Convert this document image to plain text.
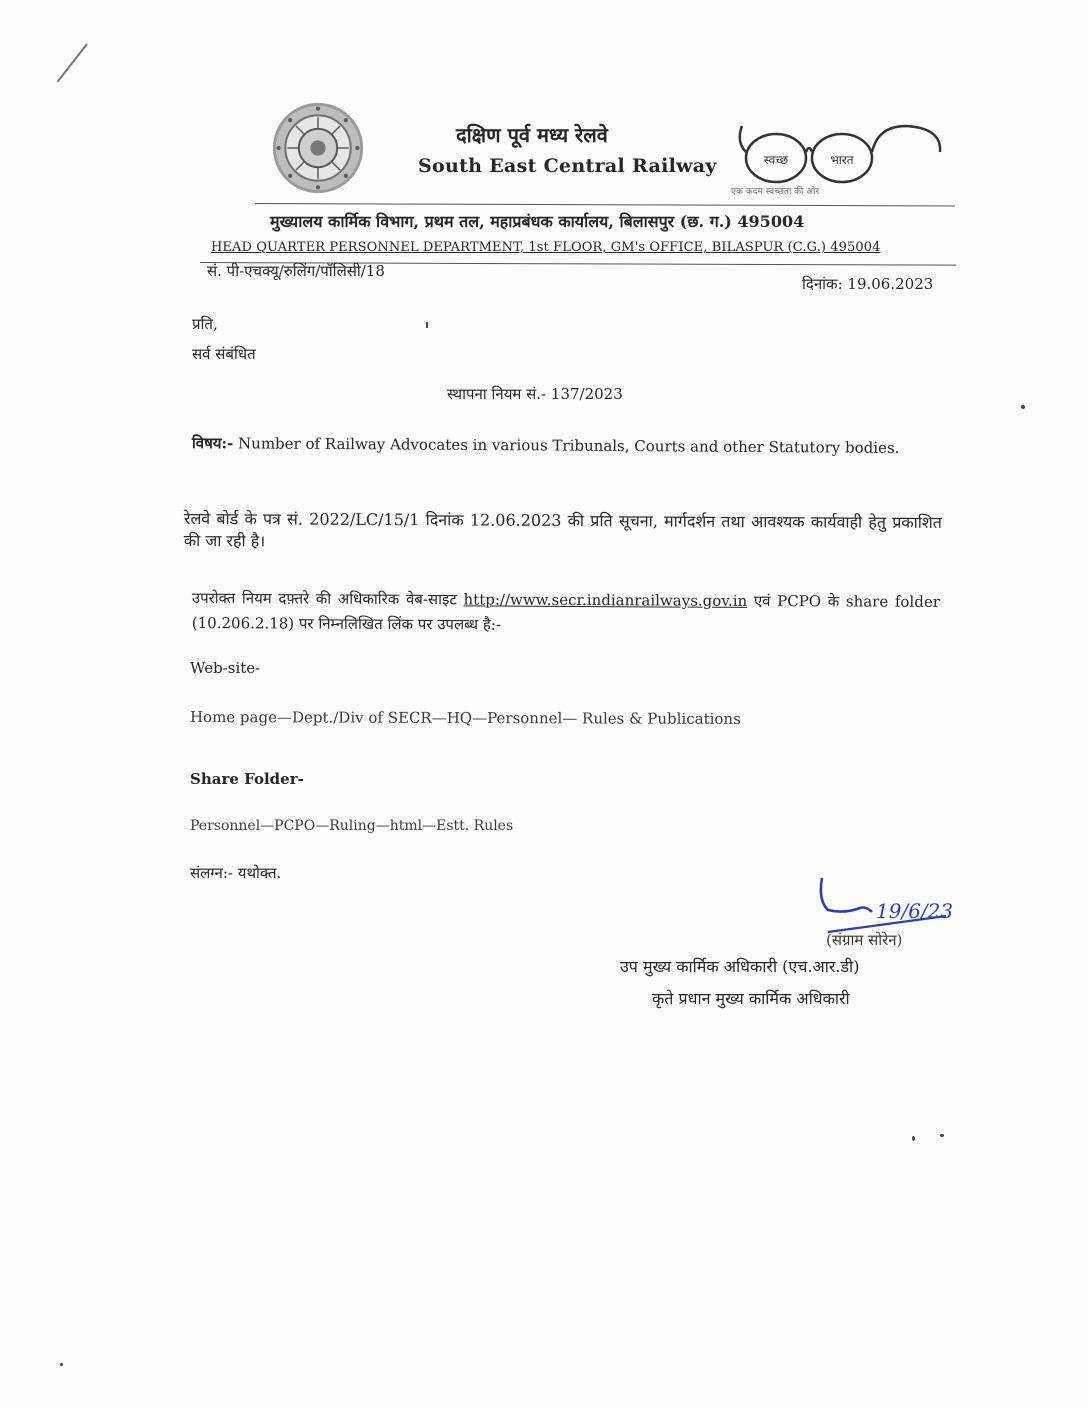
दक्षिण पूर्व मध्य रेलवे
South East Central Railway	स्वच्छ	भारत
एक कदम स्वच्छता की ओर
मुख्यालय कार्मिक विभाग, प्रथम तल, महाप्रबंधक कार्यालय, बिलासपुर (छ. ग.) 495004
HEAD QUARTER PERSONNEL DEPARTMENT, 1st FLOOR, GM's OFFICE, BILASPUR (C.G.) 495004
सं. पी-एचक्यू/रुलिंग/पॉलिसी/18
दिनांक: 19.06.2023
प्रति,
सर्व संबंधित
स्थापना नियम सं.- 137/2023
विषय:- Number of Railway Advocates in various Tribunals, Courts and other Statutory bodies.
रेलवे बोर्ड के पत्र सं. 2022/LC/15/1 दिनांक 12.06.2023 की प्रति सूचना, मार्गदर्शन तथा आवश्यक कार्यवाही हेतु प्रकाशित की जा रही है।
उपरोक्त नियम दफ़्तरे की अधिकारिक वेब-साइट http://www.secr.indianrailways.gov.in एवं PCPO के share folder (10.206.2.18) पर निम्नलिखित लिंक पर उपलब्ध है:-
Web-site-
Home page—Dept./Div of SECR—HQ—Personnel— Rules & Publications
Share Folder-
Personnel—PCPO—Ruling—html—Estt. Rules
संलग्न:- यथोक्त.
19/6/23
(संग्राम सोरेन)
उप मुख्य कार्मिक अधिकारी (एच.आर.डी)
कृते प्रधान मुख्य कार्मिक अधिकारी
